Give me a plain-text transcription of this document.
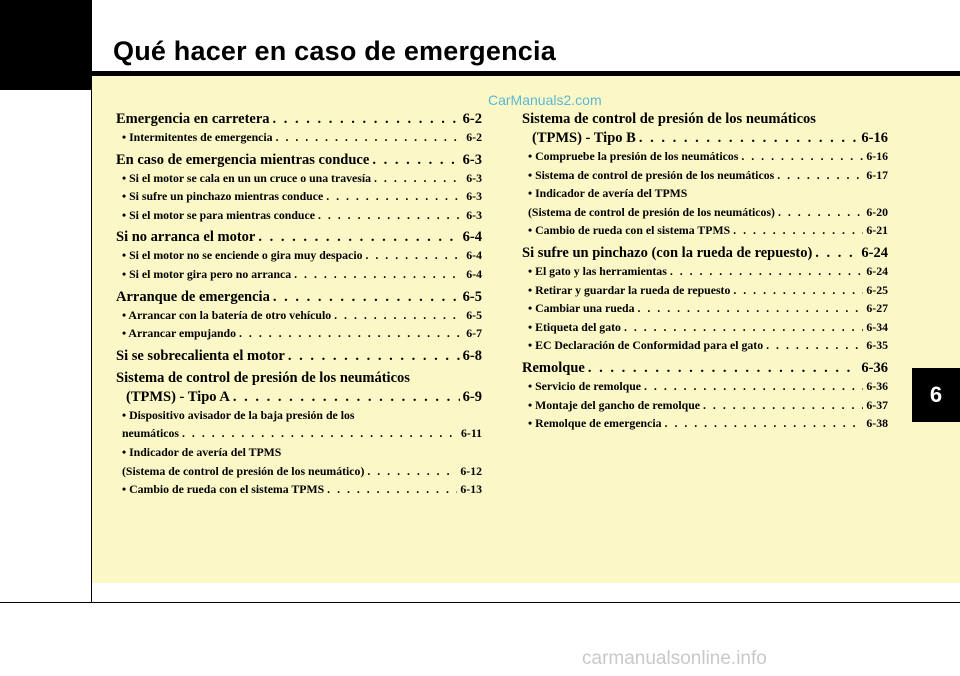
Qué hacer en caso de emergencia
6
CarManuals2.com
carmanualsonline.info
Emergencia en carretera . . .	6-2
• Intermitentes de emergencia . . .	6-2
En caso de emergencia mientras conduce . . .	6-3
• Si el motor se cala en un un cruce o una travesía . . .	6-3
• Si sufre un pinchazo mientras conduce . . .	6-3
• Si el motor se para mientras conduce . . .	6-3
Si no arranca el motor . . .	6-4
• Si el motor no se enciende o gira muy despacio . . .	6-4
• Si el motor gira pero no arranca . . .	6-4
Arranque de emergencia . . .	6-5
• Arrancar con la batería de otro vehículo . . .	6-5
• Arrancar empujando . . .	6-7
Si se sobrecalienta el motor . . .	6-8
Sistema de control de presión de los neumáticos
(TPMS) - Tipo A . . .	6-9
• Dispositivo avisador de la baja presión de los
neumáticos . . .	6-11
• Indicador de avería del TPMS
(Sistema de control de presión de los neumático) . . .	6-12
• Cambio de rueda con el sistema TPMS . . .	6-13
Sistema de control de presión de los neumáticos
(TPMS) - Tipo B . . .	6-16
• Compruebe la presión de los neumáticos . . .	6-16
• Sistema de control de presión de los neumáticos . . .	6-17
• Indicador de avería del TPMS
(Sistema de control de presión de los neumáticos) . . .	6-20
• Cambio de rueda con el sistema TPMS . . .	6-21
Si sufre un pinchazo (con la rueda de repuesto) . . .	6-24
• El gato y las herramientas . . .	6-24
• Retirar y guardar la rueda de repuesto . . .	6-25
• Cambiar una rueda . . .	6-27
• Etiqueta del gato . . .	6-34
• EC Declaración de Conformidad para el gato . . .	6-35
Remolque . . .	6-36
• Servicio de remolque . . .	6-36
• Montaje del gancho de remolque . . .	6-37
• Remolque de emergencia . . .	6-38
